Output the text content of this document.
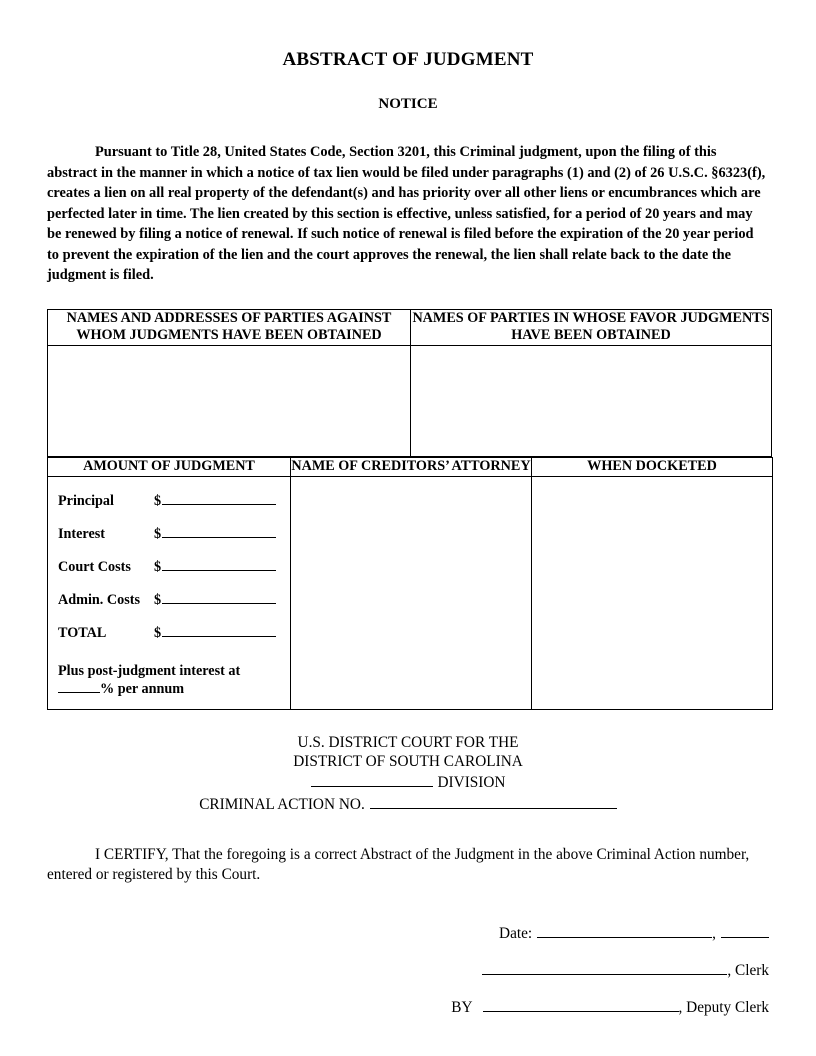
ABSTRACT OF JUDGMENT
NOTICE

Pursuant to Title 28, United States Code, Section 3201, this Criminal judgment, upon the filing of this abstract in the manner in which a notice of tax lien would be filed under paragraphs (1) and (2) of 26 U.S.C. §6323(f), creates a lien on all real property of the defendant(s) and has priority over all other liens or encumbrances which are perfected later in time. The lien created by this section is effective, unless satisfied, for a period of 20 years and may be renewed by filing a notice of renewal. If such notice of renewal is filed before the expiration of the 20 year period to prevent the expiration of the lien and the court approves the renewal, the lien shall relate back to the date the judgment is filed.

NAMES AND ADDRESSES OF PARTIES AGAINST WHOM JUDGMENTS HAVE BEEN OBTAINED	NAMES OF PARTIES IN WHOSE FAVOR JUDGMENTS HAVE BEEN OBTAINED

AMOUNT OF JUDGMENT	NAME OF CREDITORS’ ATTORNEY	WHEN DOCKETED

Principal	$
Interest	$
Court Costs	$
Admin. Costs $
TOTAL	$
Plus post-judgment interest at
% per annum

U.S. DISTRICT COURT FOR THE
DISTRICT OF SOUTH CAROLINA
DIVISION
CRIMINAL ACTION NO.

I CERTIFY, That the foregoing is a correct Abstract of the Judgment in the above Criminal Action number, entered or registered by this Court.

Date:	,
, Clerk
BY	, Deputy Clerk
